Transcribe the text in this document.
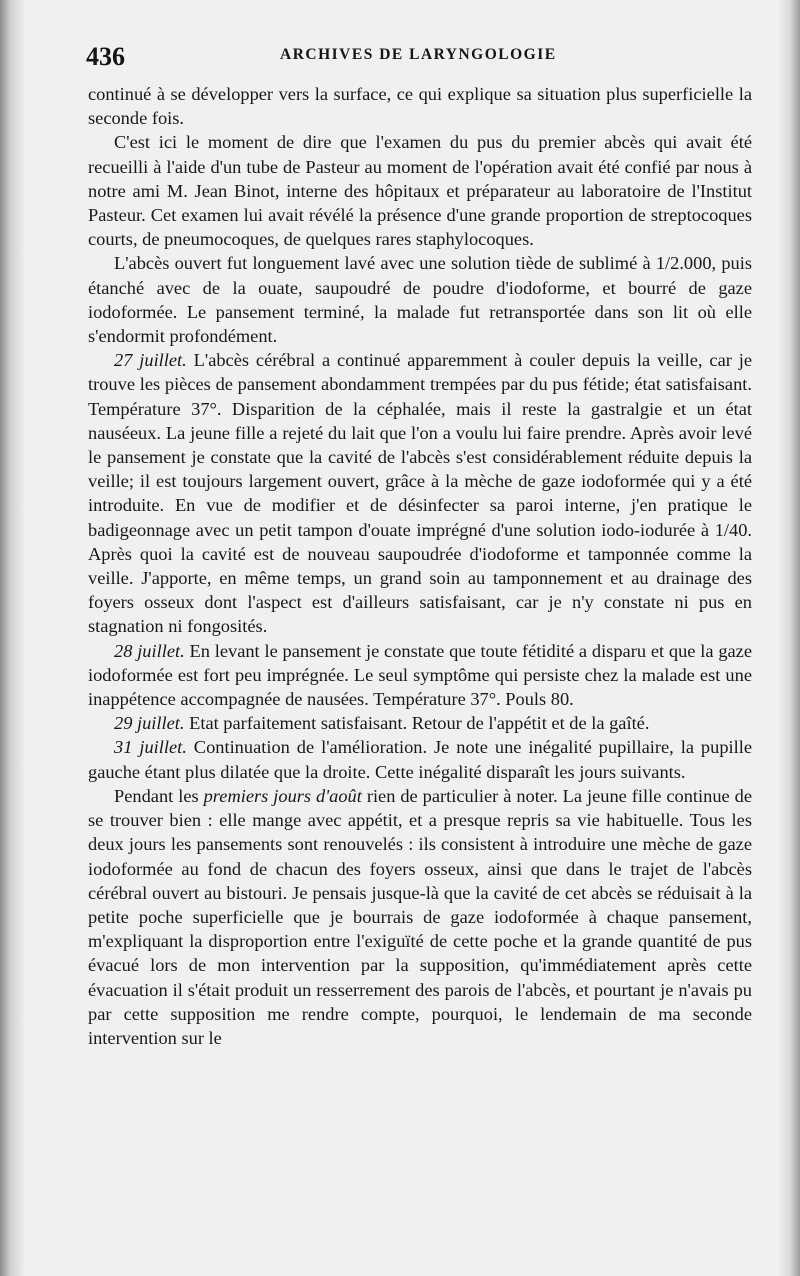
436	ARCHIVES DE LARYNGOLOGIE

continué à se développer vers la surface, ce qui explique sa situation plus superficielle la seconde fois.

C'est ici le moment de dire que l'examen du pus du premier abcès qui avait été recueilli à l'aide d'un tube de Pasteur au moment de l'opération avait été confié par nous à notre ami M. Jean Binot, interne des hôpitaux et préparateur au laboratoire de l'Institut Pasteur. Cet examen lui avait révélé la présence d'une grande proportion de streptocoques courts, de pneumocoques, de quelques rares staphylocoques.

L'abcès ouvert fut longuement lavé avec une solution tiède de sublimé à 1/2.000, puis étanché avec de la ouate, saupoudré de poudre d'iodoforme, et bourré de gaze iodoformée. Le pansement terminé, la malade fut retransportée dans son lit où elle s'endormit profondément.

27 juillet. L'abcès cérébral a continué apparemment à couler depuis la veille, car je trouve les pièces de pansement abondamment trempées par du pus fétide; état satisfaisant. Température 37°. Disparition de la céphalée, mais il reste la gastralgie et un état nauséeux. La jeune fille a rejeté du lait que l'on a voulu lui faire prendre. Après avoir levé le pansement je constate que la cavité de l'abcès s'est considérablement réduite depuis la veille; il est toujours largement ouvert, grâce à la mèche de gaze iodoformée qui y a été introduite. En vue de modifier et de désinfecter sa paroi interne, j'en pratique le badigeonnage avec un petit tampon d'ouate imprégné d'une solution iodo-iodurée à 1/40. Après quoi la cavité est de nouveau saupoudrée d'iodoforme et tamponnée comme la veille. J'apporte, en même temps, un grand soin au tamponnement et au drainage des foyers osseux dont l'aspect est d'ailleurs satisfaisant, car je n'y constate ni pus en stagnation ni fongosités.

28 juillet. En levant le pansement je constate que toute fétidité a disparu et que la gaze iodoformée est fort peu imprégnée. Le seul symptôme qui persiste chez la malade est une inappétence accompagnée de nausées. Température 37°. Pouls 80.

29 juillet. Etat parfaitement satisfaisant. Retour de l'appétit et de la gaîté.

31 juillet. Continuation de l'amélioration. Je note une inégalité pupillaire, la pupille gauche étant plus dilatée que la droite. Cette inégalité disparaît les jours suivants.

Pendant les premiers jours d'août rien de particulier à noter. La jeune fille continue de se trouver bien : elle mange avec appétit, et a presque repris sa vie habituelle. Tous les deux jours les pansements sont renouvelés : ils consistent à introduire une mèche de gaze iodoformée au fond de chacun des foyers osseux, ainsi que dans le trajet de l'abcès cérébral ouvert au bistouri. Je pensais jusque-là que la cavité de cet abcès se réduisait à la petite poche superficielle que je bourrais de gaze iodoformée à chaque pansement, m'expliquant la disproportion entre l'exiguïté de cette poche et la grande quantité de pus évacué lors de mon intervention par la supposition, qu'immédiatement après cette évacuation il s'était produit un resserrement des parois de l'abcès, et pourtant je n'avais pu par cette supposition me rendre compte, pourquoi, le lendemain de ma seconde intervention sur le
